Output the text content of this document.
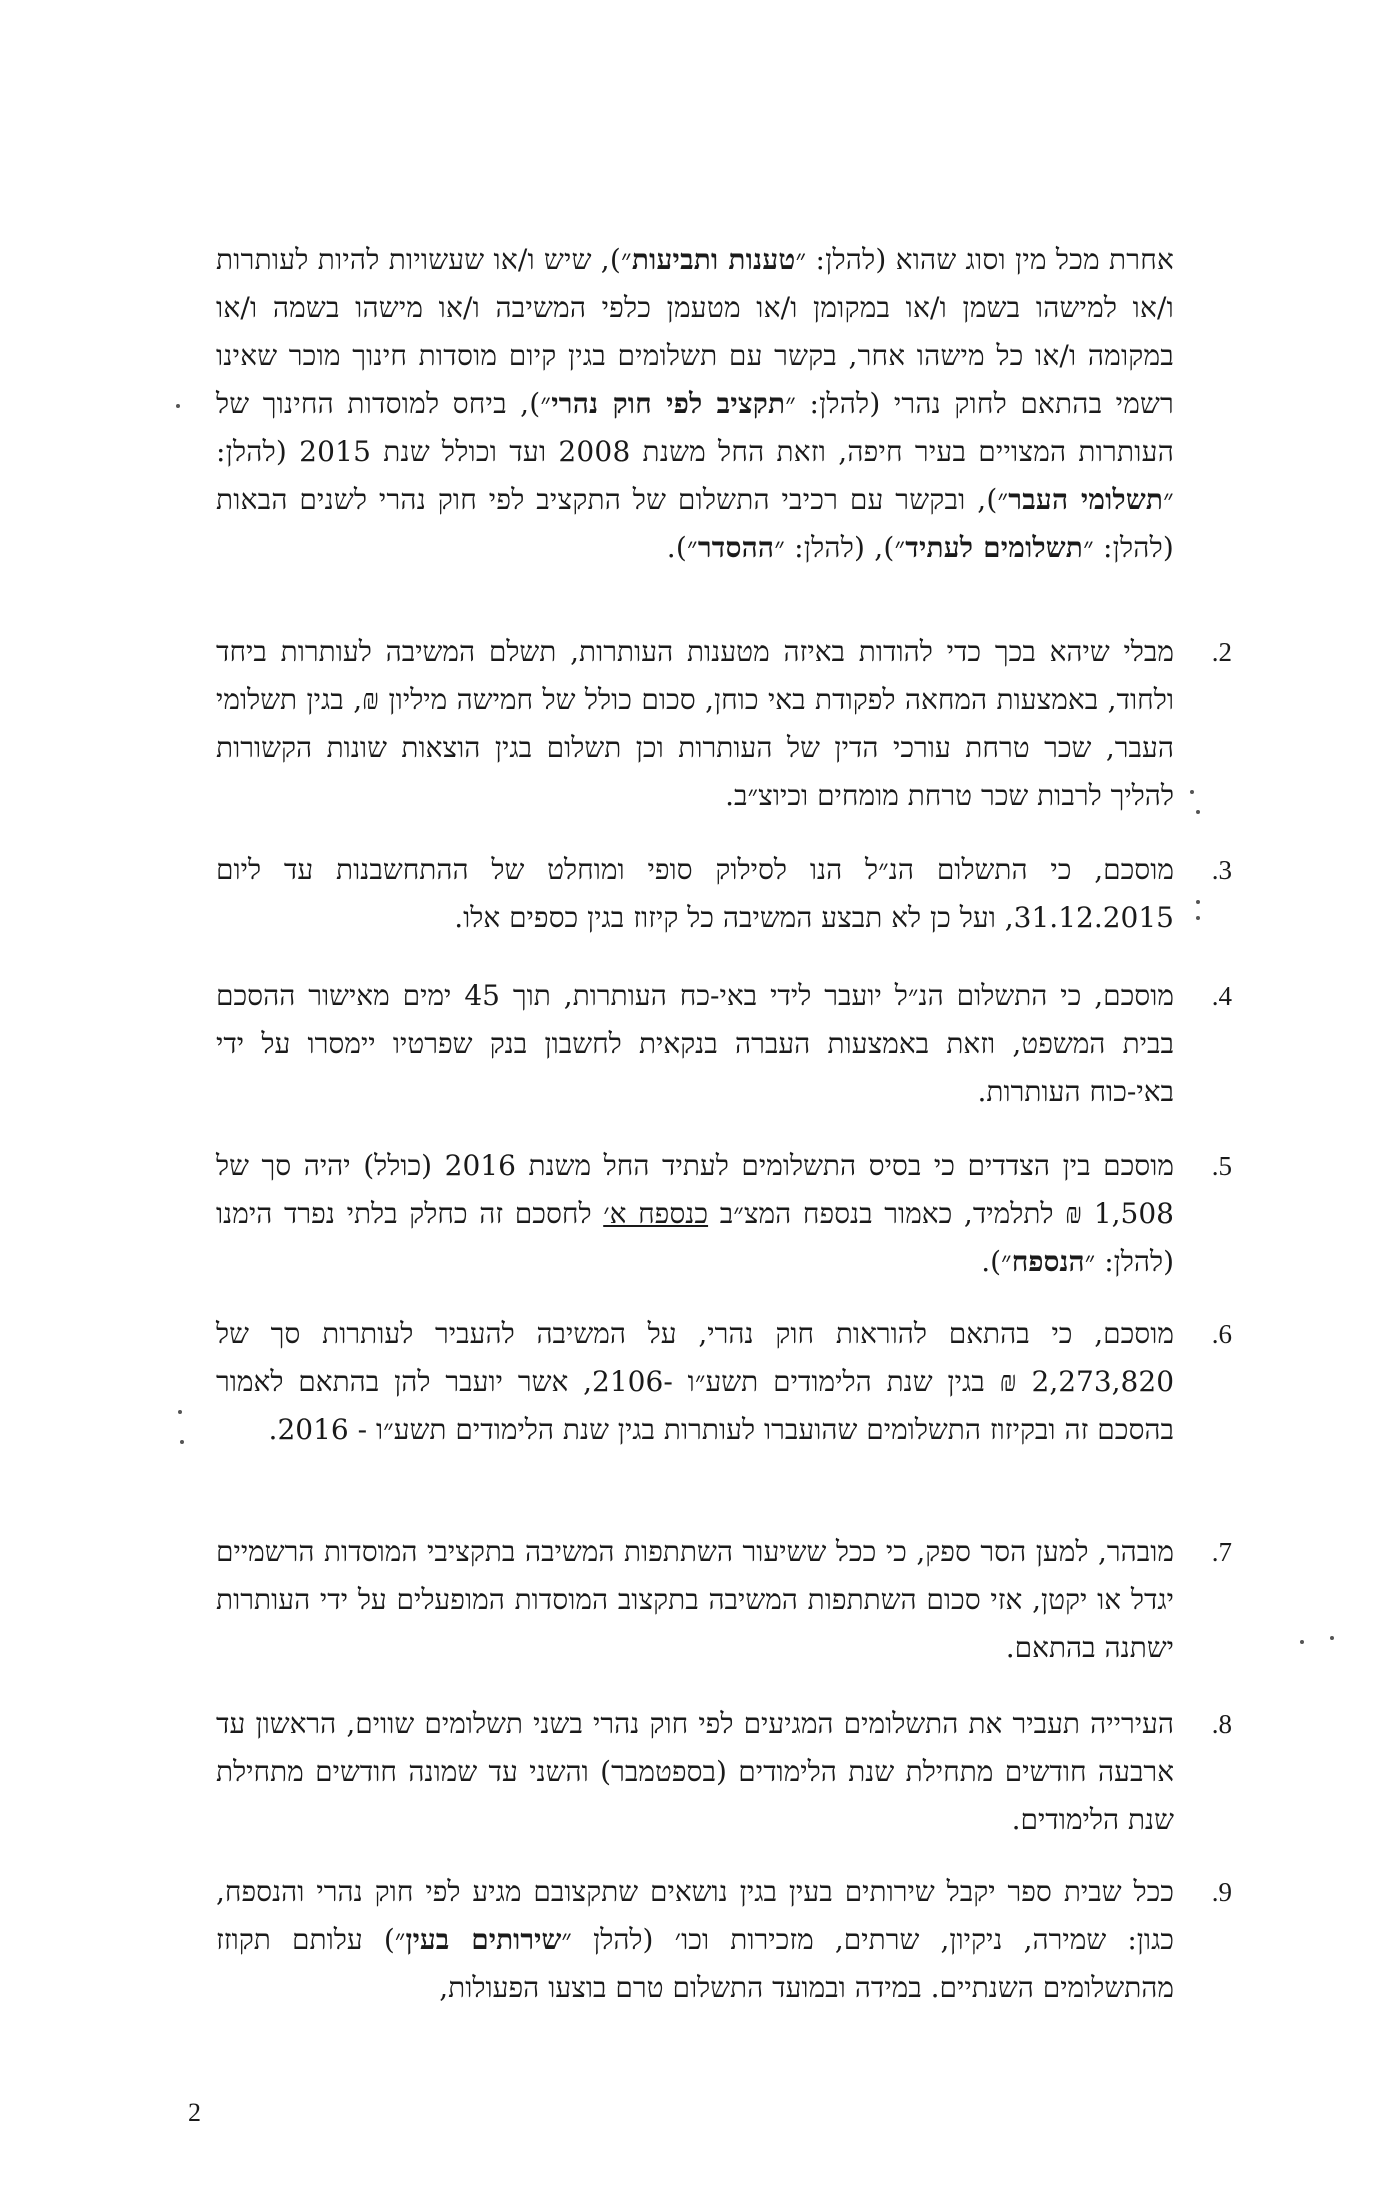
אחרת מכל מין וסוג שהוא (להלן: ״טענות ותביעות״), שיש ו/או שעשויות להיות לעותרות ו/או למישהו בשמן ו/או במקומן ו/או מטעמן כלפי המשיבה ו/או מישהו בשמה ו/או במקומה ו/או כל מישהו אחר, בקשר עם תשלומים בגין קיום מוסדות חינוך מוכר שאינו רשמי בהתאם לחוק נהרי (להלן: ״תקציב לפי חוק נהרי״), ביחס למוסדות החינוך של העותרות המצויים בעיר חיפה, וזאת החל משנת 2008 ועד וכולל שנת 2015 (להלן: ״תשלומי העבר״), ובקשר עם רכיבי התשלום של התקציב לפי חוק נהרי לשנים הבאות (להלן: ״תשלומים לעתיד״), (להלן: ״ההסדר״).
.2
מבלי שיהא בכך כדי להודות באיזה מטענות העותרות, תשלם המשיבה לעותרות ביחד ולחוד, באמצעות המחאה לפקודת באי כוחן, סכום כולל של חמישה מיליון ₪, בגין תשלומי העבר, שכר טרחת עורכי הדין של העותרות וכן תשלום בגין הוצאות שונות הקשורות להליך לרבות שכר טרחת מומחים וכיוצ״ב.
.3
מוסכם, כי התשלום הנ״ל הנו לסילוק סופי ומוחלט של ההתחשבנות עד ליום 31.12.2015, ועל כן לא תבצע המשיבה כל קיזוז בגין כספים אלו.
.4
מוסכם, כי התשלום הנ״ל יועבר לידי באי-כח העותרות, תוך 45 ימים מאישור ההסכם בבית המשפט, וזאת באמצעות העברה בנקאית לחשבון בנק שפרטיו יימסרו על ידי באי-כוח העותרות.
.5
מוסכם בין הצדדים כי בסיס התשלומים לעתיד החל משנת 2016 (כולל) יהיה סך של 1,508 ₪ לתלמיד, כאמור בנספח המצ״ב כנספח א׳ לחסכם זה כחלק בלתי נפרד הימנו (להלן: ״הנספח״).
.6
מוסכם, כי בהתאם להוראות חוק נהרי, על המשיבה להעביר לעותרות סך של 2,273,820 ₪ בגין שנת הלימודים תשע״ו -2106, אשר יועבר להן בהתאם לאמור בהסכם זה ובקיזוז התשלומים שהועברו לעותרות בגין שנת הלימודים תשע״ו - 2016.
.7
מובהר, למען הסר ספק, כי ככל ששיעור השתתפות המשיבה בתקציבי המוסדות הרשמיים יגדל או יקטן, אזי סכום השתתפות המשיבה בתקצוב המוסדות המופעלים על ידי העותרות ישתנה בהתאם.
.8
העירייה תעביר את התשלומים המגיעים לפי חוק נהרי בשני תשלומים שווים, הראשון עד ארבעה חודשים מתחילת שנת הלימודים (בספטמבר) והשני עד שמונה חודשים מתחילת שנת הלימודים.
.9
ככל שבית ספר יקבל שירותים בעין בגין נושאים שתקצובם מגיע לפי חוק נהרי והנספח, כגון: שמירה, ניקיון, שרתים, מזכירות וכו׳ (להלן ״שירותים בעין״) עלותם תקוזז מהתשלומים השנתיים. במידה ובמועד התשלום טרם בוצעו הפעולות,
2
